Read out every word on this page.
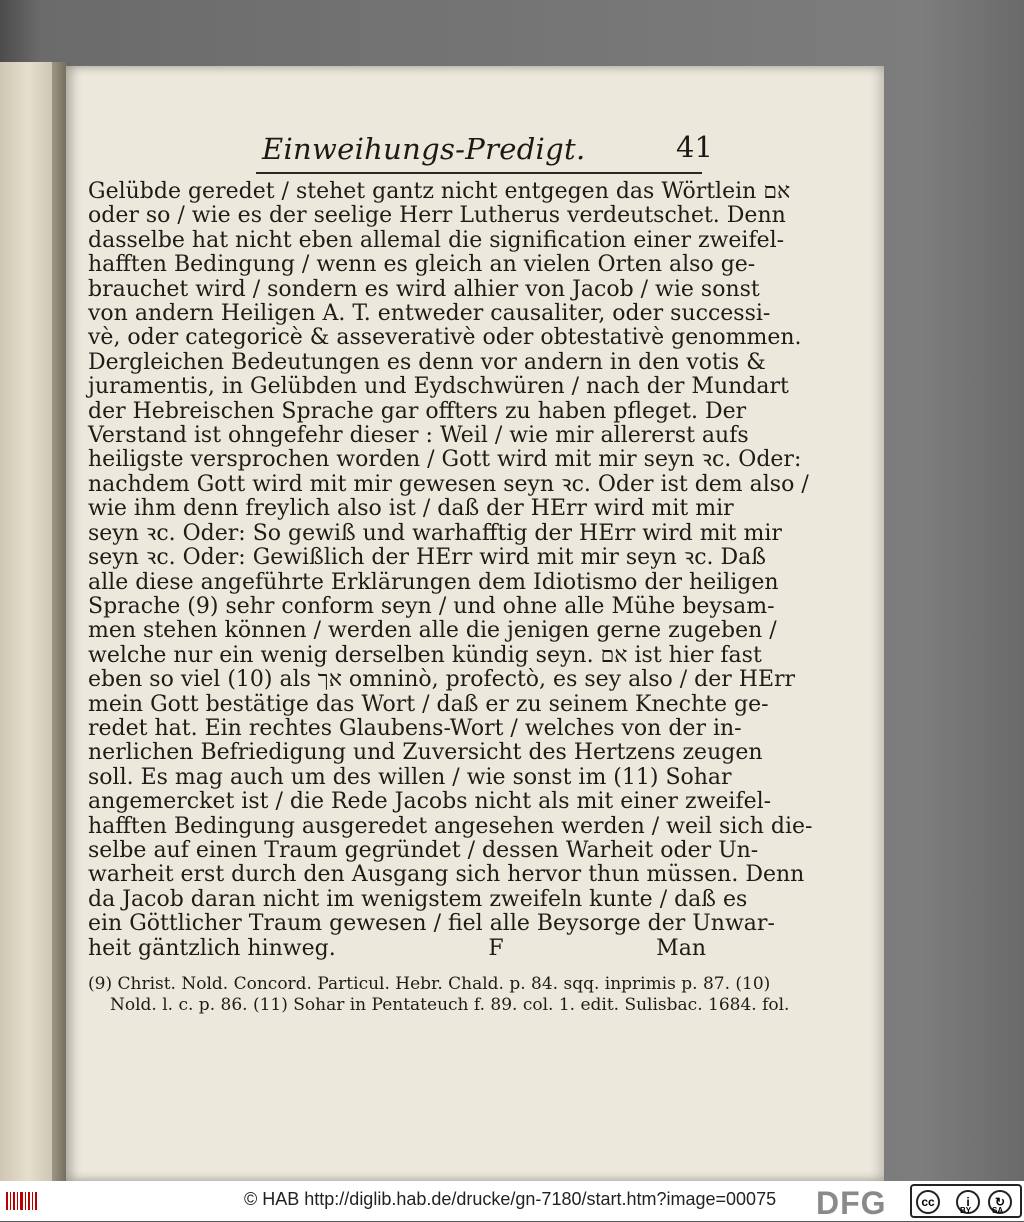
Einweihungs-Predigt.	41
Gelübde geredet / stehet gantz nicht entgegen das Wörtlein אם
oder so / wie es der seelige Herr Lutherus verdeutschet. Denn
dasselbe hat nicht eben allemal die signification einer zweifel-
hafften Bedingung / wenn es gleich an vielen Orten also ge-
brauchet wird / sondern es wird alhier von Jacob / wie sonst
von andern Heiligen A. T. entweder causaliter, oder successi-
vè, oder categoricè & asseverativè oder obtestativè genommen.
Dergleichen Bedeutungen es denn vor andern in den votis &
juramentis, in Gelübden und Eydschwüren / nach der Mundart
der Hebreischen Sprache gar offters zu haben pfleget. Der
Verstand ist ohngefehr dieser : Weil / wie mir allererst aufs
heiligste versprochen worden / Gott wird mit mir seyn ꝛc. Oder:
nachdem Gott wird mit mir gewesen seyn ꝛc. Oder ist dem also /
wie ihm denn freylich also ist / daß der HErr wird mit mir
seyn ꝛc. Oder: So gewiß und warhafftig der HErr wird mit mir
seyn ꝛc. Oder: Gewißlich der HErr wird mit mir seyn ꝛc. Daß
alle diese angeführte Erklärungen dem Idiotismo der heiligen
Sprache (9) sehr conform seyn / und ohne alle Mühe beysam-
men stehen können / werden alle die jenigen gerne zugeben /
welche nur ein wenig derselben kündig seyn. אם ist hier fast
eben so viel (10) als אך omninò, profectò, es sey also / der HErr
mein Gott bestätige das Wort / daß er zu seinem Knechte ge-
redet hat. Ein rechtes Glaubens-Wort / welches von der in-
nerlichen Befriedigung und Zuversicht des Hertzens zeugen
soll. Es mag auch um des willen / wie sonst im (11) Sohar
angemercket ist / die Rede Jacobs nicht als mit einer zweifel-
hafften Bedingung ausgeredet angesehen werden / weil sich die-
selbe auf einen Traum gegründet / dessen Warheit oder Un-
warheit erst durch den Ausgang sich hervor thun müssen. Denn
da Jacob daran nicht im wenigstem zweifeln kunte / daß es
ein Göttlicher Traum gewesen / fiel alle Beysorge der Unwar-
heit gäntzlich hinweg.	F	Man
(9) Christ. Nold. Concord. Particul. Hebr. Chald. p. 84. sqq. inprimis p. 87. (10)
Nold. l. c. p. 86. (11) Sohar in Pentateuch f. 89. col. 1. edit. Sulisbac. 1684. fol.
© HAB http://diglib.hab.de/drucke/gn-7180/start.htm?image=00075 DFG	cc	i	↻
BY	SA
